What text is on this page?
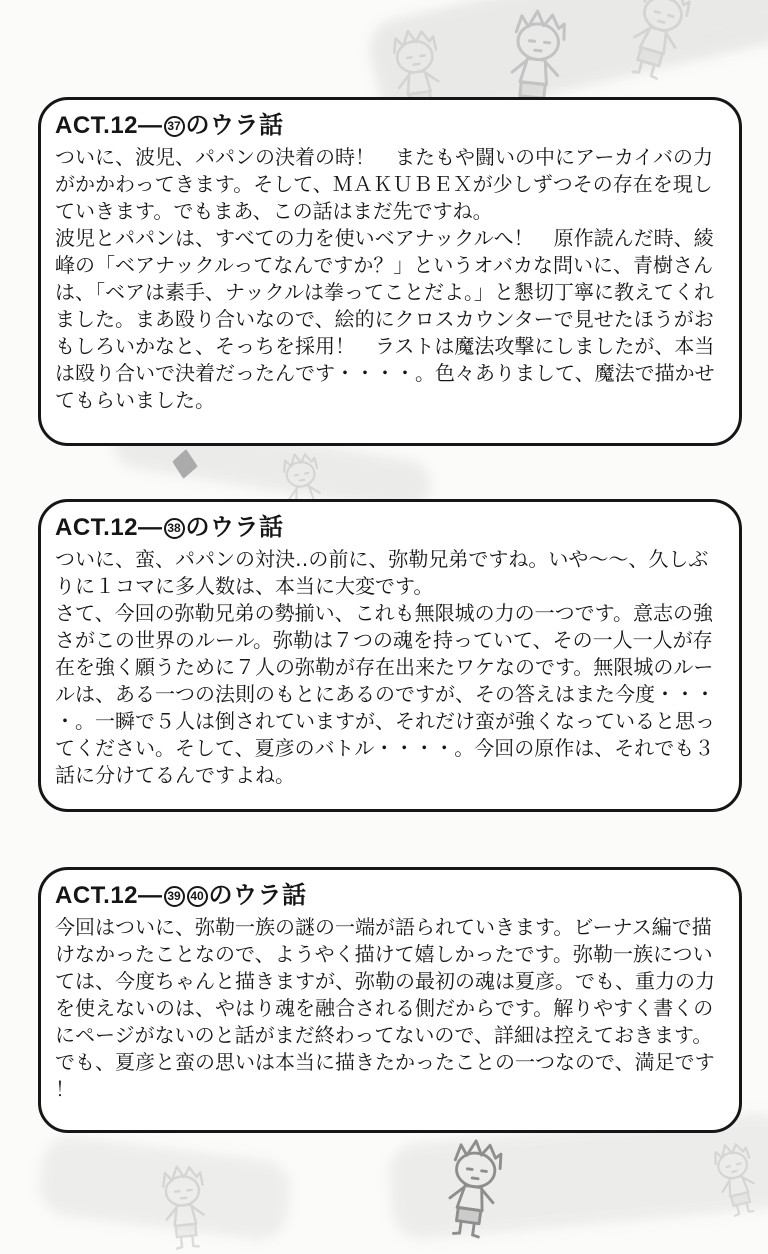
ACT.12— 37 のウラ話

ついに、波児、パパンの決着の時！　またもや闘いの中にアーカイバの力がかかわってきます。そして、ＭＡＫＵＢＥＸが少しずつその存在を現していきます。でもまあ、この話はまだ先ですね。

波児とパパンは、すべての力を使いベアナックルへ！　原作読んだ時、綾峰の「ベアナックルってなんですか？」というオバカな問いに、青樹さんは、「ベアは素手、ナックルは拳ってことだよ。」と懇切丁寧に教えてくれました。まあ殴り合いなので、絵的にクロスカウンターで見せたほうがおもしろいかなと、そっちを採用！　ラストは魔法攻撃にしましたが、本当は殴り合いで決着だったんです・・・・。色々ありまして、魔法で描かせてもらいました。

ACT.12— 38 のウラ話

ついに、蛮、パパンの対決‥の前に、弥勒兄弟ですね。いや〜〜、久しぶりに１コマに多人数は、本当に大変です。

さて、今回の弥勒兄弟の勢揃い、これも無限城の力の一つです。意志の強さがこの世界のルール。弥勒は７つの魂を持っていて、その一人一人が存在を強く願うために７人の弥勒が存在出来たワケなのです。無限城のルールは、ある一つの法則のもとにあるのですが、その答えはまた今度・・・・。一瞬で５人は倒されていますが、それだけ蛮が強くなっていると思ってください。そして、夏彦のバトル・・・・。今回の原作は、それでも３話に分けてるんですよね。

ACT.12— 39 40 のウラ話

今回はついに、弥勒一族の謎の一端が語られていきます。ビーナス編で描けなかったことなので、ようやく描けて嬉しかったです。弥勒一族については、今度ちゃんと描きますが、弥勒の最初の魂は夏彦。でも、重力の力を使えないのは、やはり魂を融合される側だからです。解りやすく書くのにページがないのと話がまだ終わってないので、詳細は控えておきます。でも、夏彦と蛮の思いは本当に描きたかったことの一つなので、満足です！
